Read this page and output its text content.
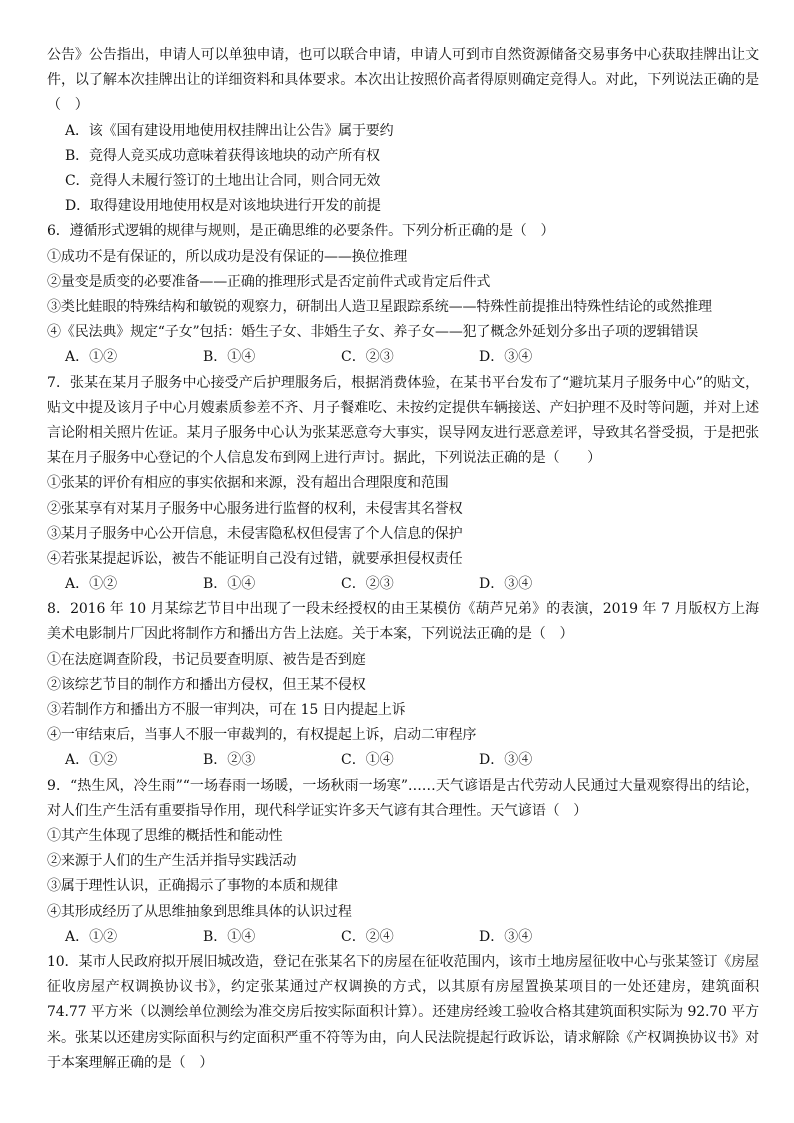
公告》公告指出，申请人可以单独申请，也可以联合申请，申请人可到市自然资源储备交易事务中心获取挂牌出让文件，以了解本次挂牌出让的详细资料和具体要求。本次出让按照价高者得原则确定竞得人。对此，下列说法正确的是（　）
A．该《国有建设用地使用权挂牌出让公告》属于要约
B．竞得人竞买成功意味着获得该地块的动产所有权
C．竞得人未履行签订的土地出让合同，则合同无效
D．取得建设用地使用权是对该地块进行开发的前提
6．遵循形式逻辑的规律与规则，是正确思维的必要条件。下列分析正确的是（　）
①成功不是有保证的，所以成功是没有保证的——换位推理
②量变是质变的必要准备——正确的推理形式是否定前件式或肯定后件式
③类比蛙眼的特殊结构和敏锐的观察力，研制出人造卫星跟踪系统——特殊性前提推出特殊性结论的或然推理
④《民法典》规定“子女”包括：婚生子女、非婚生子女、养子女——犯了概念外延划分多出子项的逻辑错误
A．①②	B．①④	C．②③	D．③④
7．张某在某月子服务中心接受产后护理服务后，根据消费体验，在某书平台发布了“避坑某月子服务中心”的贴文，贴文中提及该月子中心月嫂素质参差不齐、月子餐难吃、未按约定提供车辆接送、产妇护理不及时等问题，并对上述言论附相关照片佐证。某月子服务中心认为张某恶意夸大事实，误导网友进行恶意差评，导致其名誉受损，于是把张某在月子服务中心登记的个人信息发布到网上进行声讨。据此，下列说法正确的是（　　）
①张某的评价有相应的事实依据和来源，没有超出合理限度和范围
②张某享有对某月子服务中心服务进行监督的权利，未侵害其名誉权
③某月子服务中心公开信息，未侵害隐私权但侵害了个人信息的保护
④若张某提起诉讼，被告不能证明自己没有过错，就要承担侵权责任
A．①②	B．①④	C．②③	D．③④
8．2016 年 10 月某综艺节目中出现了一段未经授权的由王某模仿《葫芦兄弟》的表演，2019 年 7 月版权方上海美术电影制片厂因此将制作方和播出方告上法庭。关于本案，下列说法正确的是（　）
①在法庭调查阶段，书记员要查明原、被告是否到庭
②该综艺节目的制作方和播出方侵权，但王某不侵权
③若制作方和播出方不服一审判决，可在 15 日内提起上诉
④一审结束后，当事人不服一审裁判的，有权提起上诉，启动二审程序
A．①②	B．②③	C．①④	D．③④
9．“热生风，冷生雨”“一场春雨一场暖，一场秋雨一场寒”……天气谚语是古代劳动人民通过大量观察得出的结论，对人们生产生活有重要指导作用，现代科学证实许多天气谚有其合理性。天气谚语（　）
①其产生体现了思维的概括性和能动性
②来源于人们的生产生活并指导实践活动
③属于理性认识，正确揭示了事物的本质和规律
④其形成经历了从思维抽象到思维具体的认识过程
A．①②	B．①④	C．②④	D．③④
10．某市人民政府拟开展旧城改造，登记在张某名下的房屋在征收范围内，该市土地房屋征收中心与张某签订《房屋征收房屋产权调换协议书》，约定张某通过产权调换的方式，以其原有房屋置换某项目的一处还建房，建筑面积 74.77 平方米（以测绘单位测绘为准交房后按实际面积计算）。还建房经竣工验收合格其建筑面积实际为 92.70 平方米。张某以还建房实际面积与约定面积严重不符等为由，向人民法院提起行政诉讼，请求解除《产权调换协议书》对于本案理解正确的是（　）
